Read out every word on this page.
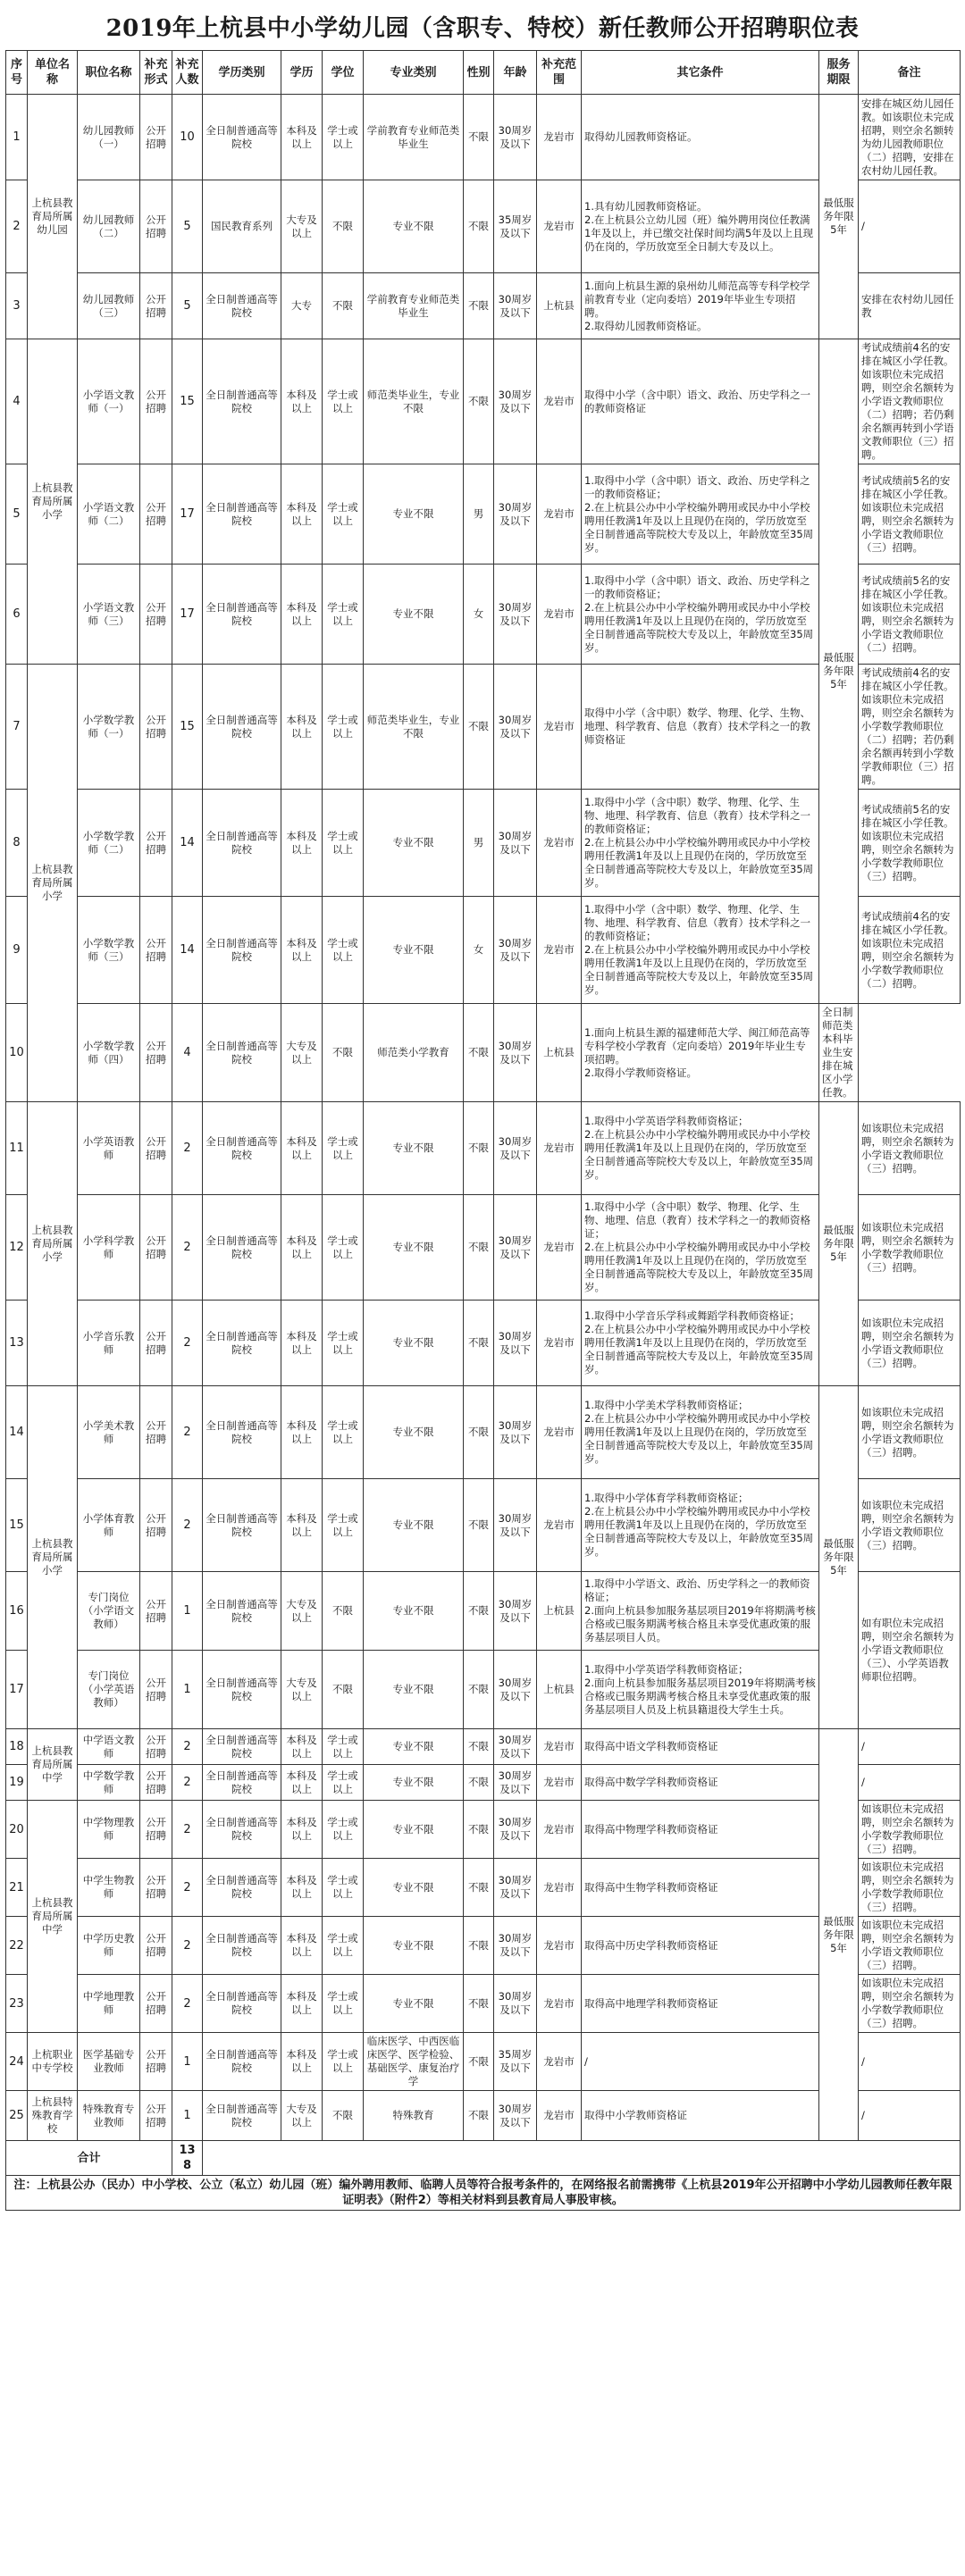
2019年上杭县中小学幼儿园（含职专、特校）新任教师公开招聘职位表
序号	单位名称	职位名称	补充形式	补充人数	学历类别	学历	学位	专业类别	性别	年龄	补充范围	其它条件	服务期限	备注
1	上杭县教育局所属幼儿园	幼儿园教师（一）	公开招聘	10	全日制普通高等院校	本科及以上	学士或以上	学前教育专业师范类毕业生	不限	30周岁及以下	龙岩市	取得幼儿园教师资格证。	最低服务年限5年	安排在城区幼儿园任教。如该职位未完成招聘，则空余名额转为幼儿园教师职位（二）招聘，安排在农村幼儿园任教。
2		幼儿园教师（二）	公开招聘	5	国民教育系列	大专及以上	不限	专业不限	不限	35周岁及以下	龙岩市	1.具有幼儿园教师资格证。
2.在上杭县公立幼儿园（班）编外聘用岗位任教满1年及以上，并已缴交社保时间均满5年及以上且现仍在岗的，学历放宽至全日制大专及以上。		/
3		幼儿园教师（三）	公开招聘	5	全日制普通高等院校	大专	不限	学前教育专业师范类毕业生	不限	30周岁及以下	上杭县	1.面向上杭县生源的泉州幼儿师范高等专科学校学前教育专业（定向委培）2019年毕业生专项招聘。
2.取得幼儿园教师资格证。		安排在农村幼儿园任教
4	上杭县教育局所属小学	小学语文教师（一）	公开招聘	15	全日制普通高等院校	本科及以上	学士或以上	师范类毕业生，专业不限	不限	30周岁及以下	龙岩市	取得中小学（含中职）语文、政治、历史学科之一的教师资格证	最低服务年限5年	考试成绩前4名的安排在城区小学任教。如该职位未完成招聘，则空余名额转为小学语文教师职位（二）招聘；若仍剩余名额再转到小学语文教师职位（三）招聘。
5		小学语文教师（二）	公开招聘	17	全日制普通高等院校	本科及以上	学士或以上	专业不限	男	30周岁及以下	龙岩市	1.取得中小学（含中职）语文、政治、历史学科之一的教师资格证；
2.在上杭县公办中小学校编外聘用或民办中小学校聘用任教满1年及以上且现仍在岗的，学历放宽至全日制普通高等院校大专及以上，年龄放宽至35周岁。		考试成绩前5名的安排在城区小学任教。如该职位未完成招聘，则空余名额转为小学语文教师职位（三）招聘。
6		小学语文教师（三）	公开招聘	17	全日制普通高等院校	本科及以上	学士或以上	专业不限	女	30周岁及以下	龙岩市	1.取得中小学（含中职）语文、政治、历史学科之一的教师资格证；
2.在上杭县公办中小学校编外聘用或民办中小学校聘用任教满1年及以上且现仍在岗的，学历放宽至全日制普通高等院校大专及以上，年龄放宽至35周岁。		考试成绩前5名的安排在城区小学任教。如该职位未完成招聘，则空余名额转为小学语文教师职位（二）招聘。
7	上杭县教育局所属小学	小学数学教师（一）	公开招聘	15	全日制普通高等院校	本科及以上	学士或以上	师范类毕业生，专业不限	不限	30周岁及以下	龙岩市	取得中小学（含中职）数学、物理、化学、生物、地理、科学教育、信息（教育）技术学科之一的教师资格证		考试成绩前4名的安排在城区小学任教。如该职位未完成招聘，则空余名额转为小学数学教师职位（二）招聘；若仍剩余名额再转到小学数学教师职位（三）招聘。
8		小学数学教师（二）	公开招聘	14	全日制普通高等院校	本科及以上	学士或以上	专业不限	男	30周岁及以下	龙岩市	1.取得中小学（含中职）数学、物理、化学、生物、地理、科学教育、信息（教育）技术学科之一的教师资格证；
2.在上杭县公办中小学校编外聘用或民办中小学校聘用任教满1年及以上且现仍在岗的，学历放宽至全日制普通高等院校大专及以上，年龄放宽至35周岁。		考试成绩前5名的安排在城区小学任教。如该职位未完成招聘，则空余名额转为小学数学教师职位（三）招聘。
9		小学数学教师（三）	公开招聘	14	全日制普通高等院校	本科及以上	学士或以上	专业不限	女	30周岁及以下	龙岩市	1.取得中小学（含中职）数学、物理、化学、生物、地理、科学教育、信息（教育）技术学科之一的教师资格证；
2.在上杭县公办中小学校编外聘用或民办中小学校聘用任教满1年及以上且现仍在岗的，学历放宽至全日制普通高等院校大专及以上，年龄放宽至35周岁。		考试成绩前4名的安排在城区小学任教。如该职位未完成招聘，则空余名额转为小学数学教师职位（二）招聘。
10		小学数学教师（四）	公开招聘	4	全日制普通高等院校	大专及以上	不限	师范类小学教育	不限	30周岁及以下	上杭县	1.面向上杭县生源的福建师范大学、闽江师范高等专科学校小学教育（定向委培）2019年毕业生专项招聘。
2.取得小学教师资格证。	全日制师范类本科毕业生安排在城区小学任教。	
11	上杭县教育局所属小学	小学英语教师	公开招聘	2	全日制普通高等院校	本科及以上	学士或以上	专业不限	不限	30周岁及以下	龙岩市	1.取得中小学英语学科教师资格证；
2.在上杭县公办中小学校编外聘用或民办中小学校聘用任教满1年及以上且现仍在岗的，学历放宽至全日制普通高等院校大专及以上，年龄放宽至35周岁。	最低服务年限5年	如该职位未完成招聘，则空余名额转为小学语文教师职位（三）招聘。
12		小学科学教师	公开招聘	2	全日制普通高等院校	本科及以上	学士或以上	专业不限	不限	30周岁及以下	龙岩市	1.取得中小学（含中职）数学、物理、化学、生物、地理、信息（教育）技术学科之一的教师资格证；
2.在上杭县公办中小学校编外聘用或民办中小学校聘用任教满1年及以上且现仍在岗的，学历放宽至全日制普通高等院校大专及以上，年龄放宽至35周岁。		如该职位未完成招聘，则空余名额转为小学数学教师职位（三）招聘。
13		小学音乐教师	公开招聘	2	全日制普通高等院校	本科及以上	学士或以上	专业不限	不限	30周岁及以下	龙岩市	1.取得中小学音乐学科或舞蹈学科教师资格证；
2.在上杭县公办中小学校编外聘用或民办中小学校聘用任教满1年及以上且现仍在岗的，学历放宽至全日制普通高等院校大专及以上，年龄放宽至35周岁。		如该职位未完成招聘，则空余名额转为小学语文教师职位（三）招聘。
14	上杭县教育局所属小学	小学美术教师	公开招聘	2	全日制普通高等院校	本科及以上	学士或以上	专业不限	不限	30周岁及以下	龙岩市	1.取得中小学美术学科教师资格证；
2.在上杭县公办中小学校编外聘用或民办中小学校聘用任教满1年及以上且现仍在岗的，学历放宽至全日制普通高等院校大专及以上，年龄放宽至35周岁。	最低服务年限5年	如该职位未完成招聘，则空余名额转为小学语文教师职位（三）招聘。
15		小学体育教师	公开招聘	2	全日制普通高等院校	本科及以上	学士或以上	专业不限	不限	30周岁及以下	龙岩市	1.取得中小学体育学科教师资格证；
2.在上杭县公办中小学校编外聘用或民办中小学校聘用任教满1年及以上且现仍在岗的，学历放宽至全日制普通高等院校大专及以上，年龄放宽至35周岁。		如该职位未完成招聘，则空余名额转为小学语文教师职位（三）招聘。
16		专门岗位（小学语文教师）	公开招聘	1	全日制普通高等院校	大专及以上	不限	专业不限	不限	30周岁及以下	上杭县	1.取得中小学语文、政治、历史学科之一的教师资格证；
2.面向上杭县参加服务基层项目2019年将期满考核合格或已服务期满考核合格且未享受优惠政策的服务基层项目人员。		如有职位未完成招聘，则空余名额转为小学语文教师职位（三）、小学英语教师职位招聘。
17		专门岗位（小学英语教师）	公开招聘	1	全日制普通高等院校	大专及以上	不限	专业不限	不限	30周岁及以下	上杭县	1.取得中小学英语学科教师资格证；
2.面向上杭县参加服务基层项目2019年将期满考核合格或已服务期满考核合格且未享受优惠政策的服务基层项目人员及上杭县籍退役大学生士兵。		
18	上杭县教育局所属中学	中学语文教师	公开招聘	2	全日制普通高等院校	本科及以上	学士或以上	专业不限	不限	30周岁及以下	龙岩市	取得高中语文学科教师资格证	最低服务年限5年	/
19		中学数学教师	公开招聘	2	全日制普通高等院校	本科及以上	学士或以上	专业不限	不限	30周岁及以下	龙岩市	取得高中数学学科教师资格证		/
20	上杭县教育局所属中学	中学物理教师	公开招聘	2	全日制普通高等院校	本科及以上	学士或以上	专业不限	不限	30周岁及以下	龙岩市	取得高中物理学科教师资格证		如该职位未完成招聘，则空余名额转为小学数学教师职位（三）招聘。
21		中学生物教师	公开招聘	2	全日制普通高等院校	本科及以上	学士或以上	专业不限	不限	30周岁及以下	龙岩市	取得高中生物学科教师资格证		如该职位未完成招聘，则空余名额转为小学数学教师职位（三）招聘。
22		中学历史教师	公开招聘	2	全日制普通高等院校	本科及以上	学士或以上	专业不限	不限	30周岁及以下	龙岩市	取得高中历史学科教师资格证		如该职位未完成招聘，则空余名额转为小学语文教师职位（三）招聘。
23		中学地理教师	公开招聘	2	全日制普通高等院校	本科及以上	学士或以上	专业不限	不限	30周岁及以下	龙岩市	取得高中地理学科教师资格证		如该职位未完成招聘，则空余名额转为小学数学教师职位（三）招聘。
24	上杭职业中专学校	医学基础专业教师	公开招聘	1	全日制普通高等院校	本科及以上	学士或以上	临床医学、中西医临床医学、医学检验、基础医学、康复治疗学	不限	35周岁及以下	龙岩市	/		/
25	上杭县特殊教育学校	特殊教育专业教师	公开招聘	1	全日制普通高等院校	大专及以上	不限	特殊教育	不限	30周岁及以下	龙岩市	取得中小学教师资格证		/
合计				138										
注：上杭县公办（民办）中小学校、公立（私立）幼儿园（班）编外聘用教师、临聘人员等符合报考条件的，在网络报名前需携带《上杭县2019年公开招聘中小学幼儿园教师任教年限证明表》（附件2）等相关材料到县教育局人事股审核。														
